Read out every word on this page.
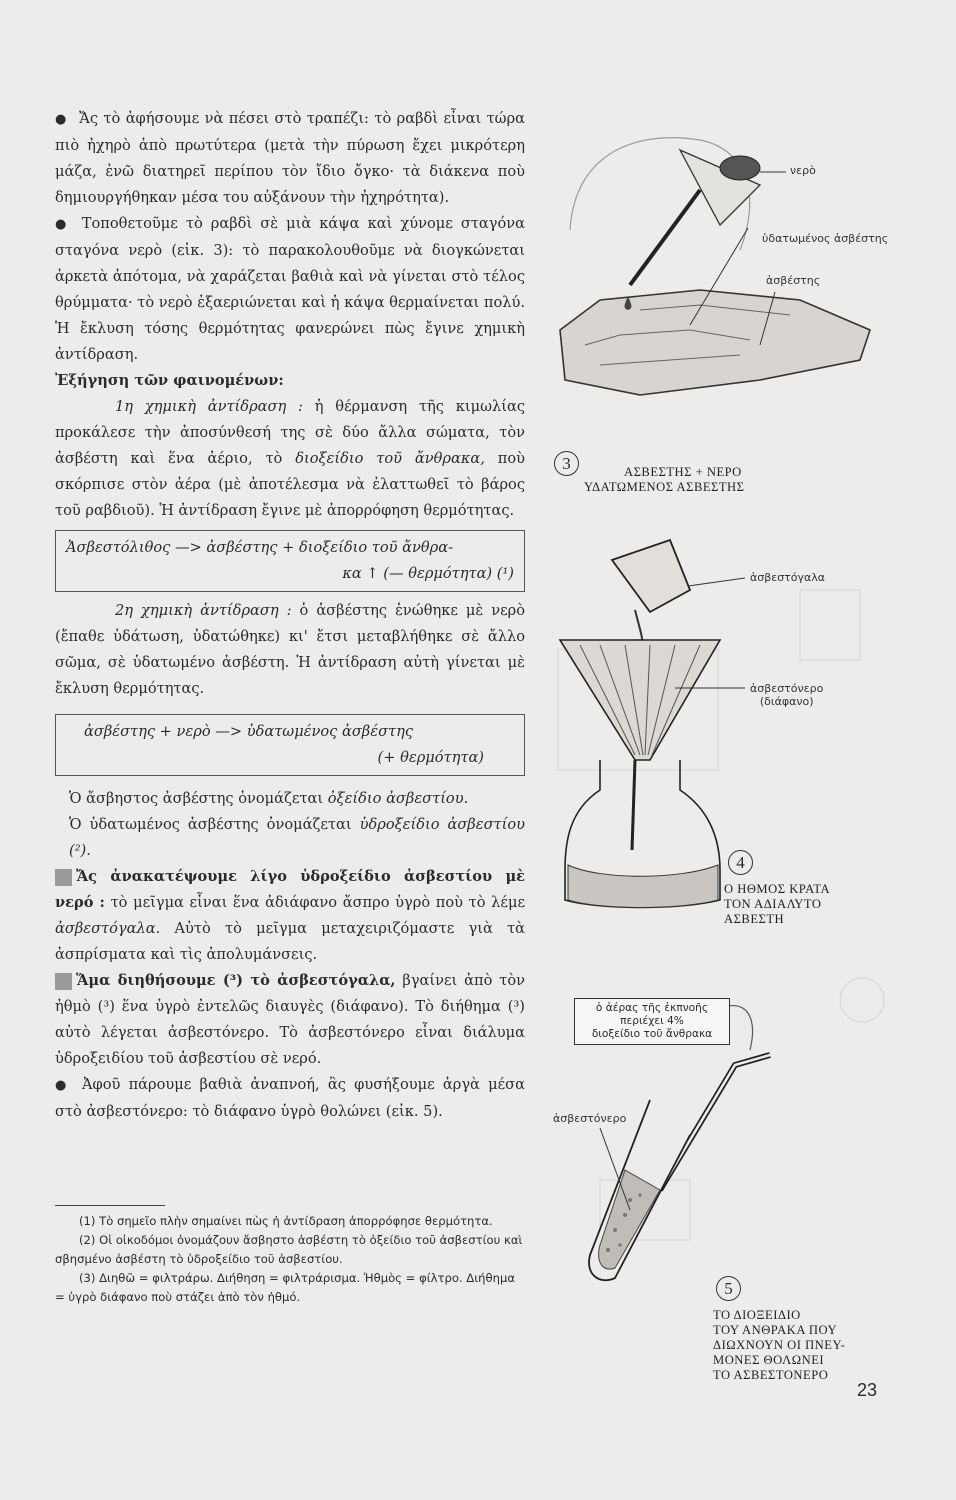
● Ἄς τὸ ἀφήσουμε νὰ πέσει στὸ τραπέζι: τὸ ραβδὶ εἶναι τώρα πιὸ ἠχηρὸ ἀπὸ πρωτύτερα (μετὰ τὴν πύρωση ἔχει μικρότερη μάζα, ἐνῶ διατηρεῖ περίπου τὸν ἴδιο ὄγκο· τὰ διάκενα ποὺ δημιουργήθηκαν μέσα του αὐξάνουν τὴν ἠχηρότητα).

● Τοποθετοῦμε τὸ ραβδὶ σὲ μιὰ κάψα καὶ χύνομε σταγόνα σταγόνα νερὸ (εἰκ. 3): τὸ παρακολουθοῦμε νὰ διογκώνεται ἀρκετὰ ἀπότομα, νὰ χαράζεται βαθιὰ καὶ νὰ γίνεται στὸ τέλος θρύμματα· τὸ νερὸ ἐξαεριώνεται καὶ ἡ κάψα θερμαίνεται πολύ. Ἡ ἔκλυση τόσης θερμότητας φανερώνει πὼς ἔγινε χημικὴ ἀντίδραση.

Ἐξήγηση τῶν φαινομένων:

1η χημικὴ ἀντίδραση : ἡ θέρμανση τῆς κιμωλίας προκάλεσε τὴν ἀποσύνθεσή της σὲ δύο ἄλλα σώματα, τὸν ἀσβέστη καὶ ἕνα ἀέριο, τὸ διοξείδιο τοῦ ἄνθρακα, ποὺ σκόρπισε στὸν ἀέρα (μὲ ἀποτέλεσμα νὰ ἐλαττωθεῖ τὸ βάρος τοῦ ραβδιοῦ). Ἡ ἀντίδραση ἔγινε μὲ ἀπορρόφηση θερμότητας.

Ἀσβεστόλιθος —> ἀσβέστης + διοξείδιο τοῦ ἄνθρα-
κα ↑ (— θερμότητα) (¹)

2η χημικὴ ἀντίδραση : ὁ ἀσβέστης ἑνώθηκε μὲ νερὸ (ἔπαθε ὑδάτωση, ὑδατώθηκε) κι' ἔτσι μεταβλήθηκε σὲ ἄλλο σῶμα, σὲ ὑδατωμένο ἀσβέστη. Ἡ ἀντίδραση αὐτὴ γίνεται μὲ ἔκλυση θερμότητας.

ἀσβέστης + νερὸ —> ὑδατωμένος ἀσβέστης
(+ θερμότητα)

Ὁ ἄσβηστος ἀσβέστης ὀνομάζεται ὀξείδιο ἀσβεστίου.

Ὁ ὑδατωμένος ἀσβέστης ὀνομάζεται ὑδροξείδιο ἀσβεστίου (²).

Ἄς ἀνακατέψουμε λίγο ὑδροξείδιο ἀσβεστίου μὲ νερό : τὸ μεῖγμα εἶναι ἕνα ἀδιάφανο ἄσπρο ὑγρὸ ποὺ τὸ λέμε ἀσβεστόγαλα. Αὐτὸ τὸ μεῖγμα μεταχειριζόμαστε γιὰ τὰ ἀσπρίσματα καὶ τὶς ἀπολυμάνσεις.

Ἅμα διηθήσουμε (³) τὸ ἀσβεστόγαλα, βγαίνει ἀπὸ τὸν ἠθμὸ (³) ἕνα ὑγρὸ ἐντελῶς διαυγὲς (διάφανο). Τὸ διήθημα (³) αὐτὸ λέγεται ἀσβεστόνερο. Τὸ ἀσβεστόνερο εἶναι διάλυμα ὑδροξειδίου τοῦ ἀσβεστίου σὲ νερό.

● Ἀφοῦ πάρουμε βαθιὰ ἀναπνοή, ἂς φυσήξουμε ἀργὰ μέσα στὸ ἀσβεστόνερο: τὸ διάφανο ὑγρὸ θολώνει (εἰκ. 5).

(1) Τὸ σημεῖο πλὴν σημαίνει πὼς ἡ ἀντίδραση ἀπορρόφησε θερμότητα.

(2) Οἱ οἰκοδόμοι ὀνομάζουν ἄσβηστο ἀσβέστη τὸ ὀξείδιο τοῦ ἀσβεστίου καὶ σβησμένο ἀσβέστη τὸ ὑδροξείδιο τοῦ ἀσβεστίου.

(3) Διηθῶ = φιλτράρω. Διήθηση = φιλτράρισμα. Ἠθμὸς = φίλτρο. Διήθημα = ὑγρὸ διάφανο ποὺ στάζει ἀπὸ τὸν ἠθμό.

νερὸ
ὑδατωμένος ἀσβέστης
ἀσβέστης
3	ΑΣΒΕΣΤΗΣ + ΝΕΡΟ
ΥΔΑΤΩΜΕΝΟΣ ΑΣΒΕΣΤΗΣ
ἀσβεστόγαλα
ἀσβεστόνερο
(διάφανο)
4
Ο ΗΘΜΟΣ ΚΡΑΤΑ
ΤΟΝ ΑΔΙΑΛΥΤΟ
ΑΣΒΕΣΤΗ
ὁ ἀέρας τῆς ἐκπνοῆς
περιέχει 4%
διοξείδιο τοῦ ἄνθρακα
ἀσβεστόνερο
5
ΤΟ ΔΙΟΞΕΙΔΙΟ
ΤΟΥ ΑΝΘΡΑΚΑ ΠΟΥ
ΔΙΩΧΝΟΥΝ ΟΙ ΠΝΕΥ-
ΜΟΝΕΣ ΘΟΛΩΝΕΙ
ΤΟ ΑΣΒΕΣΤΟΝΕΡΟ
23
